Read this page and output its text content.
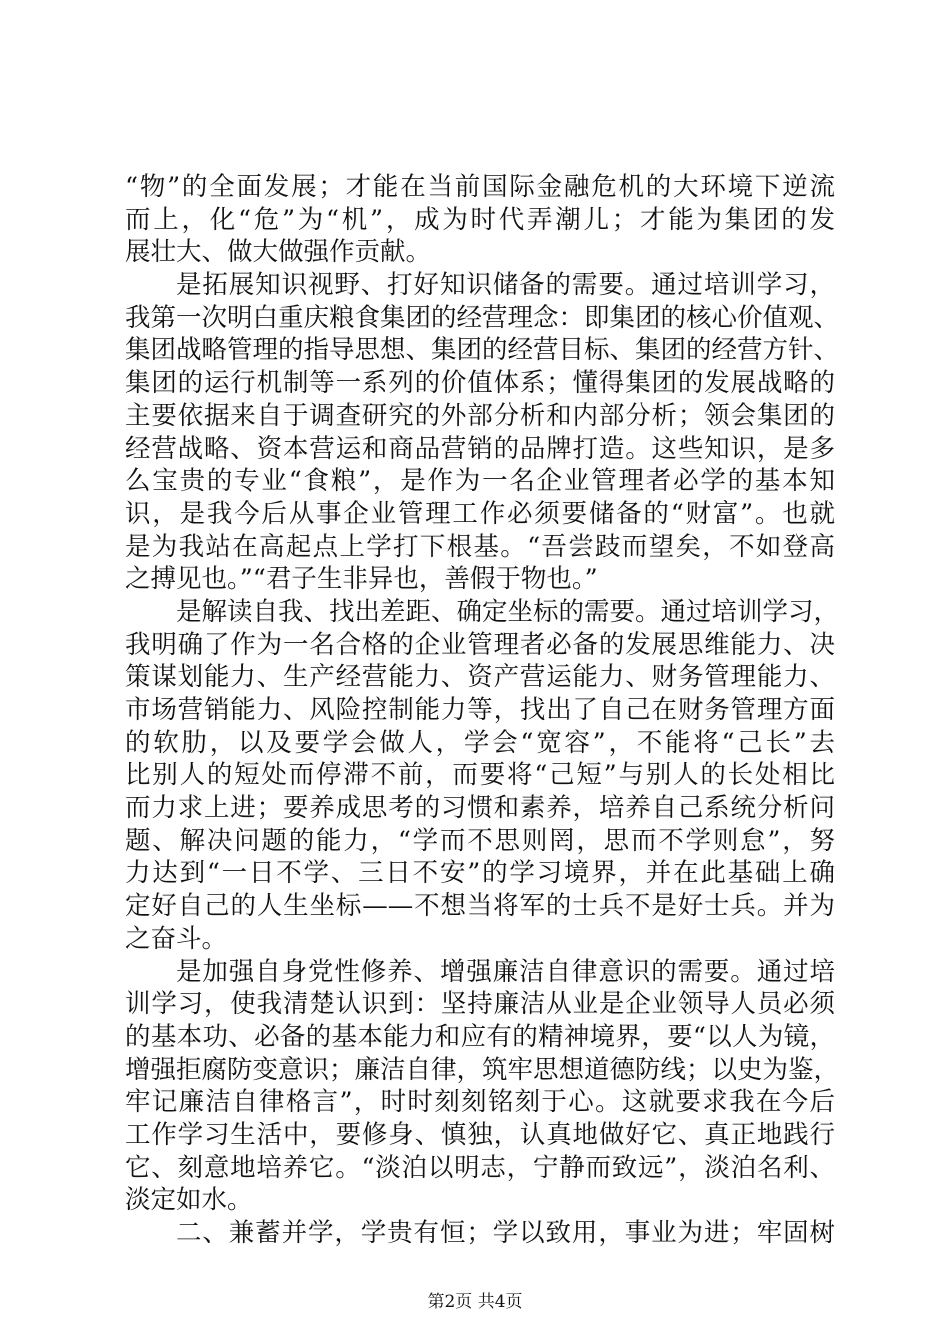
“物”的全面发展；才能在当前国际金融危机的大环境下逆流
而上，化“危”为“机”，成为时代弄潮儿；才能为集团的发
展壮大、做大做强作贡献。
是拓展知识视野、打好知识储备的需要。通过培训学习，
我第一次明白重庆粮食集团的经营理念：即集团的核心价值观、
集团战略管理的指导思想、集团的经营目标、集团的经营方针、
集团的运行机制等一系列的价值体系；懂得集团的发展战略的
主要依据来自于调查研究的外部分析和内部分析；领会集团的
经营战略、资本营运和商品营销的品牌打造。这些知识，是多
么宝贵的专业“食粮”，是作为一名企业管理者必学的基本知
识，是我今后从事企业管理工作必须要储备的“财富”。也就
是为我站在高起点上学打下根基。“吾尝跂而望矣，不如登高
之搏见也。”“君子生非异也，善假于物也。”
是解读自我、找出差距、确定坐标的需要。通过培训学习，
我明确了作为一名合格的企业管理者必备的发展思维能力、决
策谋划能力、生产经营能力、资产营运能力、财务管理能力、
市场营销能力、风险控制能力等，找出了自己在财务管理方面
的软肋，以及要学会做人，学会“宽容”，不能将“己长”去
比别人的短处而停滞不前，而要将“己短”与别人的长处相比
而力求上进；要养成思考的习惯和素养，培养自己系统分析问
题、解决问题的能力，“学而不思则罔，思而不学则怠”，努
力达到“一日不学、三日不安”的学习境界，并在此基础上确
定好自己的人生坐标——不想当将军的士兵不是好士兵。并为
之奋斗。
是加强自身党性修养、增强廉洁自律意识的需要。通过培
训学习，使我清楚认识到：坚持廉洁从业是企业领导人员必须
的基本功、必备的基本能力和应有的精神境界，要“以人为镜，
增强拒腐防变意识；廉洁自律，筑牢思想道德防线；以史为鉴，
牢记廉洁自律格言”，时时刻刻铭刻于心。这就要求我在今后
工作学习生活中，要修身、慎独，认真地做好它、真正地践行
它、刻意地培养它。“淡泊以明志，宁静而致远”，淡泊名利、
淡定如水。
二、兼蓄并学，学贵有恒；学以致用，事业为进；牢固树
第2页 共4页
